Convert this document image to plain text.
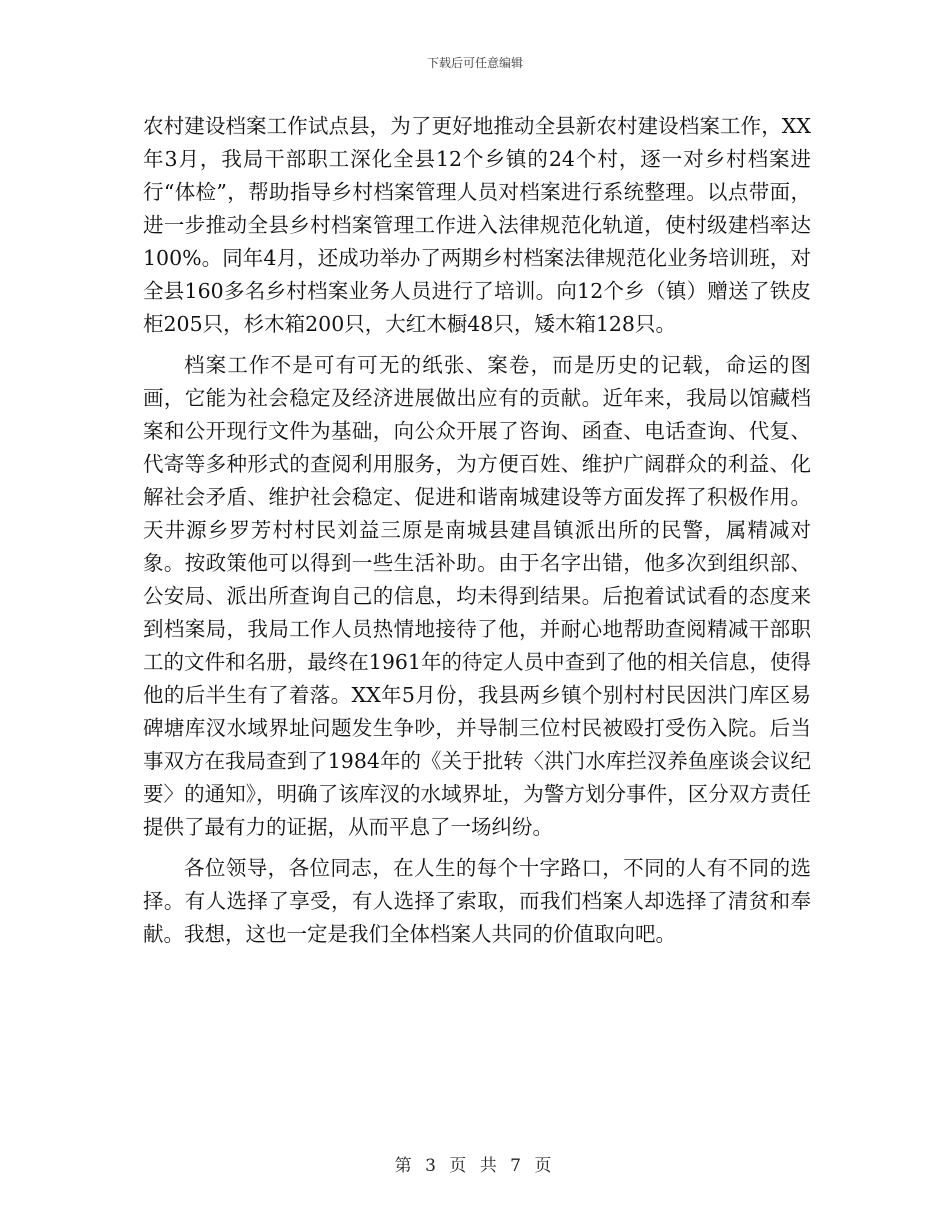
下载后可任意编辑

农村建设档案工作试点县，为了更好地推动全县新农村建设档案工作，XX年3月，我局干部职工深化全县12个乡镇的24个村，逐一对乡村档案进行“体检”，帮助指导乡村档案管理人员对档案进行系统整理。以点带面，进一步推动全县乡村档案管理工作进入法律规范化轨道，使村级建档率达100%。同年4月，还成功举办了两期乡村档案法律规范化业务培训班，对全县160多名乡村档案业务人员进行了培训。向12个乡（镇）赠送了铁皮柜205只，杉木箱200只，大红木橱48只，矮木箱128只。

档案工作不是可有可无的纸张、案卷，而是历史的记载，命运的图画，它能为社会稳定及经济进展做出应有的贡献。近年来，我局以馆藏档案和公开现行文件为基础，向公众开展了咨询、函查、电话查询、代复、代寄等多种形式的查阅利用服务，为方便百姓、维护广阔群众的利益、化解社会矛盾、维护社会稳定、促进和谐南城建设等方面发挥了积极作用。天井源乡罗芳村村民刘益三原是南城县建昌镇派出所的民警，属精减对象。按政策他可以得到一些生活补助。由于名字出错，他多次到组织部、公安局、派出所查询自己的信息，均未得到结果。后抱着试试看的态度来到档案局，我局工作人员热情地接待了他，并耐心地帮助查阅精减干部职工的文件和名册，最终在1961年的待定人员中查到了他的相关信息，使得他的后半生有了着落。XX年5月份，我县两乡镇个别村村民因洪门库区易碑塘库汊水域界址问题发生争吵，并导制三位村民被殴打受伤入院。后当事双方在我局查到了1984年的《关于批转〈洪门水库拦汊养鱼座谈会议纪要〉的通知》，明确了该库汊的水域界址，为警方划分事件，区分双方责任提供了最有力的证据，从而平息了一场纠纷。

各位领导，各位同志，在人生的每个十字路口，不同的人有不同的选择。有人选择了享受，有人选择了索取，而我们档案人却选择了清贫和奉献。我想，这也一定是我们全体档案人共同的价值取向吧。

第 3 页 共 7 页
